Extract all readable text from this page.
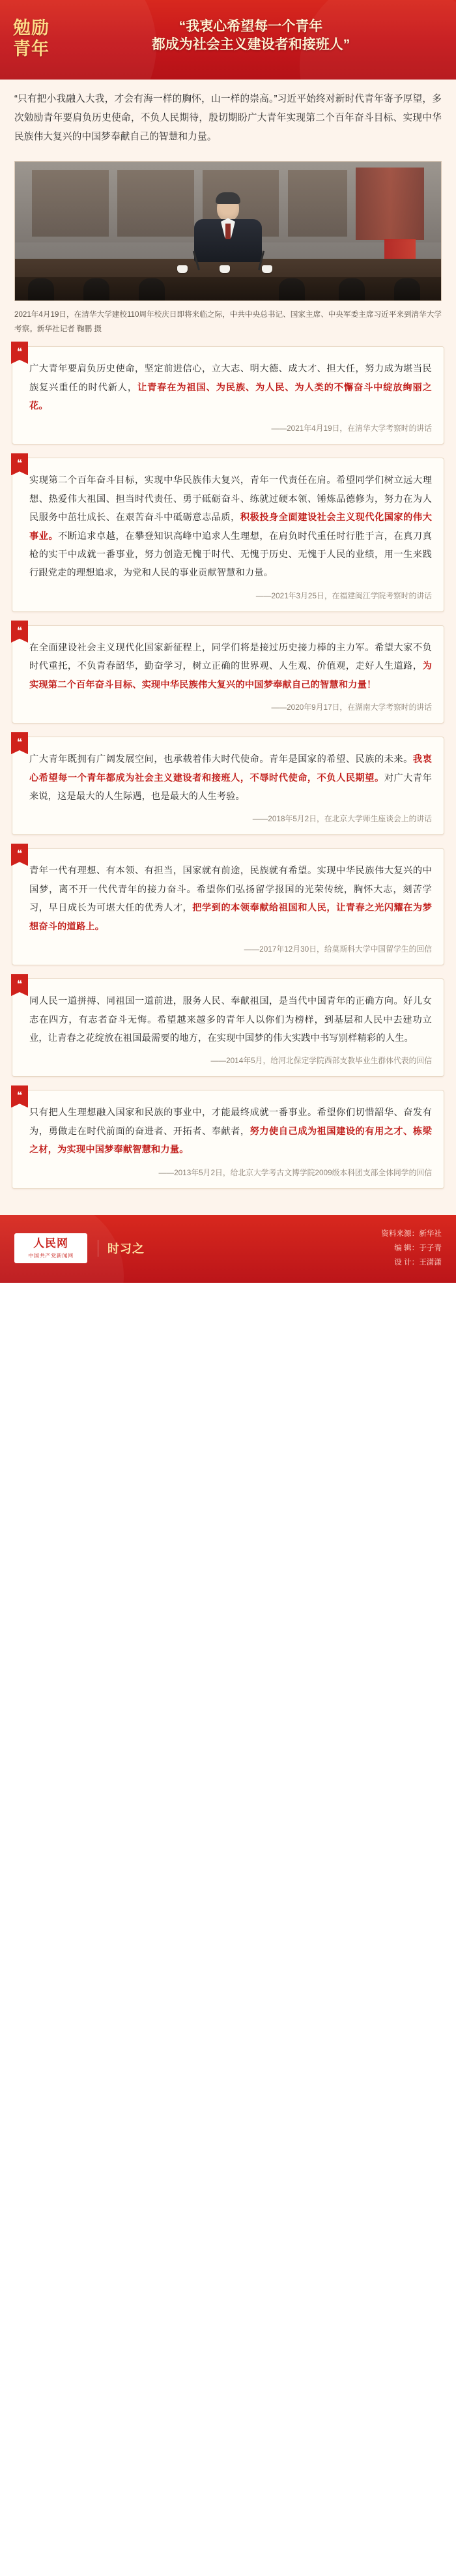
勉励
青年
“我衷心希望每一个青年
都成为社会主义建设者和接班人”
“只有把小我融入大我，才会有海一样的胸怀，山一样的崇高。”习近平始终对新时代青年寄予厚望，多次勉励青年要肩负历史使命，不负人民期待，殷切期盼广大青年实现第二个百年奋斗目标、实现中华民族伟大复兴的中国梦奉献自己的智慧和力量。
2021年4月19日，在清华大学建校110周年校庆日即将来临之际，中共中央总书记、国家主席、中央军委主席习近平来到清华大学考察。新华社记者 鞠鹏 摄
❝
广大青年要肩负历史使命，坚定前进信心，立大志、明大德、成大才、担大任，努力成为堪当民族复兴重任的时代新人，让青春在为祖国、为民族、为人民、为人类的不懈奋斗中绽放绚丽之花。
——2021年4月19日，在清华大学考察时的讲话
❝
实现第二个百年奋斗目标，实现中华民族伟大复兴，青年一代责任在肩。希望同学们树立远大理想、热爱伟大祖国、担当时代责任、勇于砥砺奋斗、练就过硬本领、锤炼品德修为，努力在为人民服务中茁壮成长、在艰苦奋斗中砥砺意志品质，积极投身全面建设社会主义现代化国家的伟大事业。不断追求卓越，在攀登知识高峰中追求人生理想，在肩负时代重任时行胜于言，在真刀真枪的实干中成就一番事业，努力创造无愧于时代、无愧于历史、无愧于人民的业绩，用一生来践行跟党走的理想追求，为党和人民的事业贡献智慧和力量。
——2021年3月25日，在福建闽江学院考察时的讲话
❝
在全面建设社会主义现代化国家新征程上，同学们将是接过历史接力棒的主力军。希望大家不负时代重托，不负青春韶华，勤奋学习，树立正确的世界观、人生观、价值观，走好人生道路，为实现第二个百年奋斗目标、实现中华民族伟大复兴的中国梦奉献自己的智慧和力量！
——2020年9月17日，在湖南大学考察时的讲话
❝
广大青年既拥有广阔发展空间，也承载着伟大时代使命。青年是国家的希望、民族的未来。我衷心希望每一个青年都成为社会主义建设者和接班人，不辱时代使命，不负人民期望。对广大青年来说，这是最大的人生际遇，也是最大的人生考验。
——2018年5月2日，在北京大学师生座谈会上的讲话
❝
青年一代有理想、有本领、有担当，国家就有前途，民族就有希望。实现中华民族伟大复兴的中国梦，离不开一代代青年的接力奋斗。希望你们弘扬留学报国的光荣传统，胸怀大志，刻苦学习，早日成长为可堪大任的优秀人才，把学到的本领奉献给祖国和人民，让青春之光闪耀在为梦想奋斗的道路上。
——2017年12月30日，给莫斯科大学中国留学生的回信
❝
同人民一道拼搏、同祖国一道前进，服务人民、奉献祖国，是当代中国青年的正确方向。好儿女志在四方，有志者奋斗无悔。希望越来越多的青年人以你们为榜样，到基层和人民中去建功立业，让青春之花绽放在祖国最需要的地方，在实现中国梦的伟大实践中书写别样精彩的人生。
——2014年5月，给河北保定学院西部支教毕业生群体代表的回信
❝
只有把人生理想融入国家和民族的事业中，才能最终成就一番事业。希望你们切惜韶华、奋发有为，勇做走在时代前面的奋进者、开拓者、奉献者，努力使自己成为祖国建设的有用之才、栋梁之材，为实现中国梦奉献智慧和力量。
——2013年5月2日，给北京大学考古文博学院2009级本科团支部全体同学的回信
人民网
中国共产党新闻网
时习之
资料来源：新华社
编 辑：于子青
设 计：王潇潇
